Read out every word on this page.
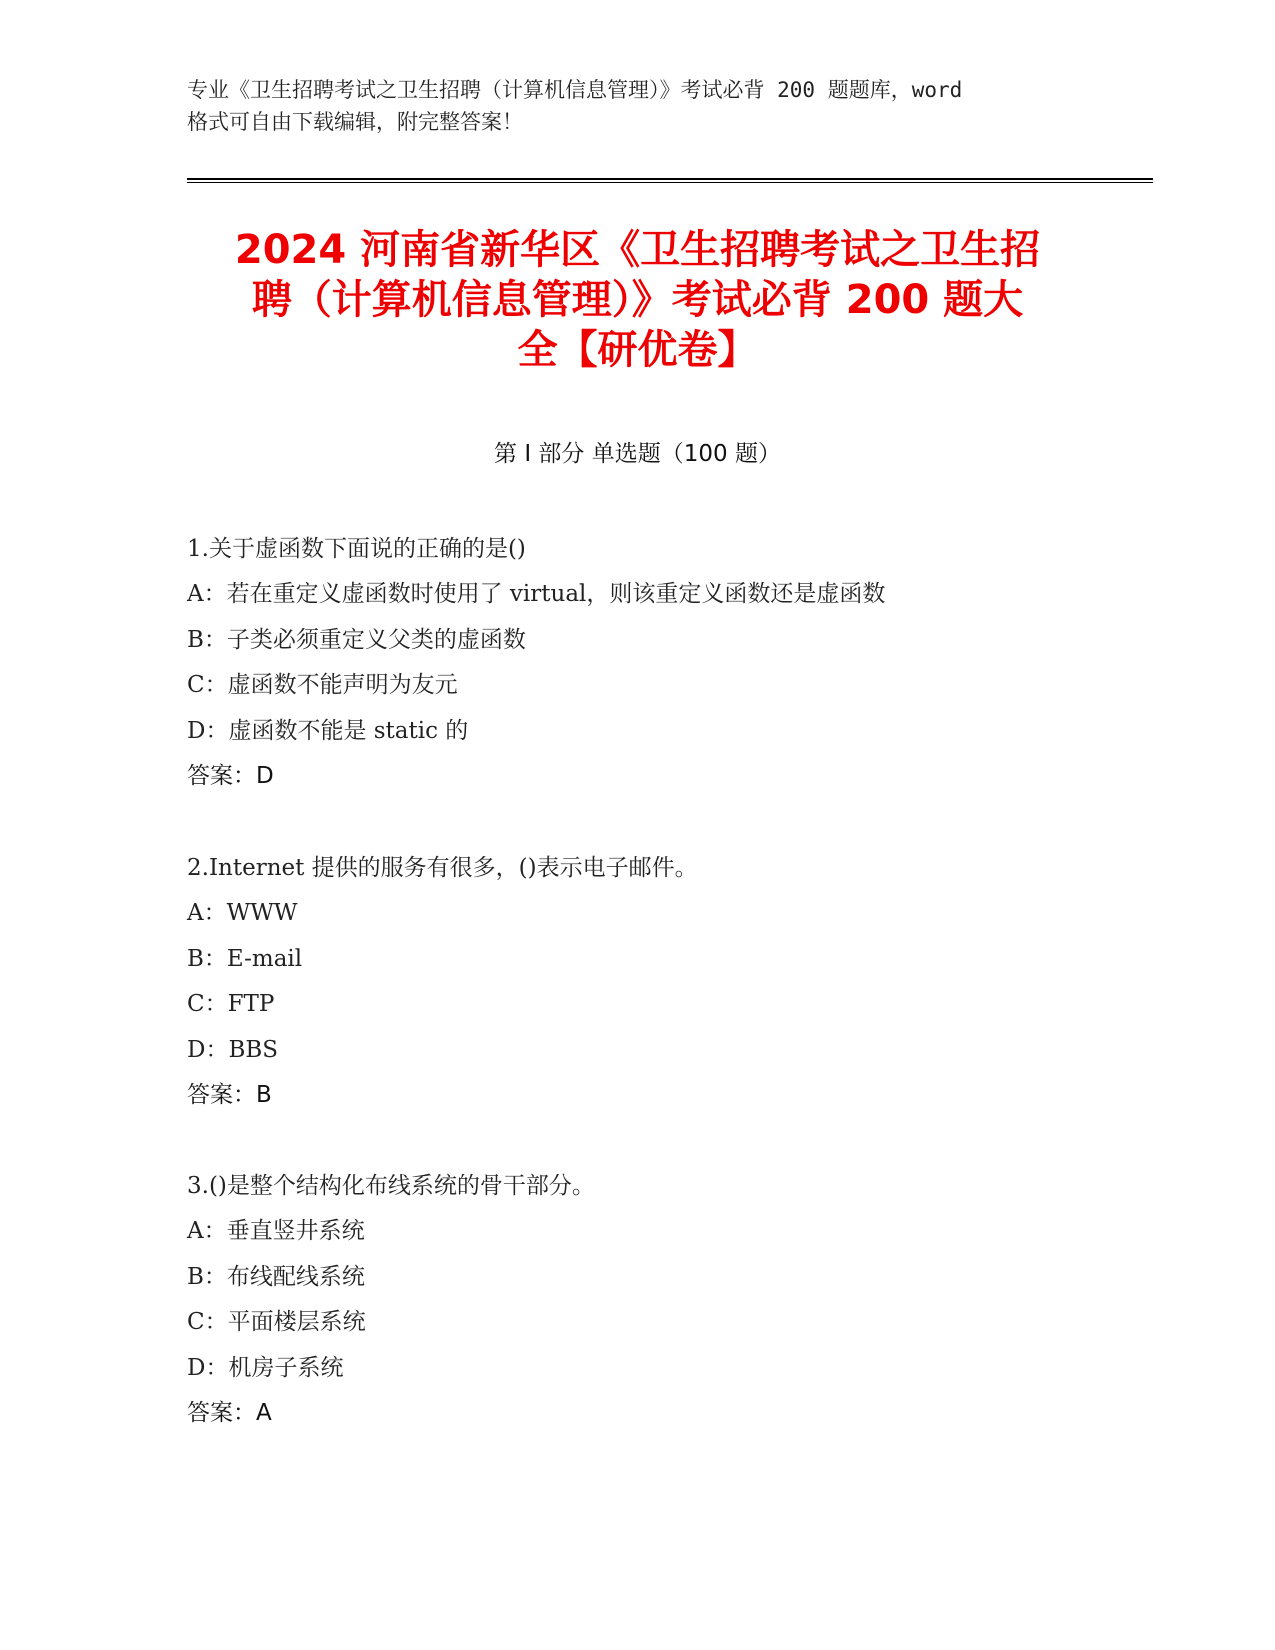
专业《卫生招聘考试之卫生招聘（计算机信息管理）》考试必背 200 题题库，word
格式可自由下载编辑，附完整答案！
2024 河南省新华区《卫生招聘考试之卫生招
聘（计算机信息管理）》考试必背 200 题大
全【研优卷】
第 I 部分 单选题（100 题）
1.关于虚函数下面说的正确的是()
A：若在重定义虚函数时使用了 virtual，则该重定义函数还是虚函数
B：子类必须重定义父类的虚函数
C：虚函数不能声明为友元
D：虚函数不能是 static 的
答案：D
2.Internet 提供的服务有很多，()表示电子邮件。
A：WWW
B：E-mail
C：FTP
D：BBS
答案：B
3.()是整个结构化布线系统的骨干部分。
A：垂直竖井系统
B：布线配线系统
C：平面楼层系统
D：机房子系统
答案：A
